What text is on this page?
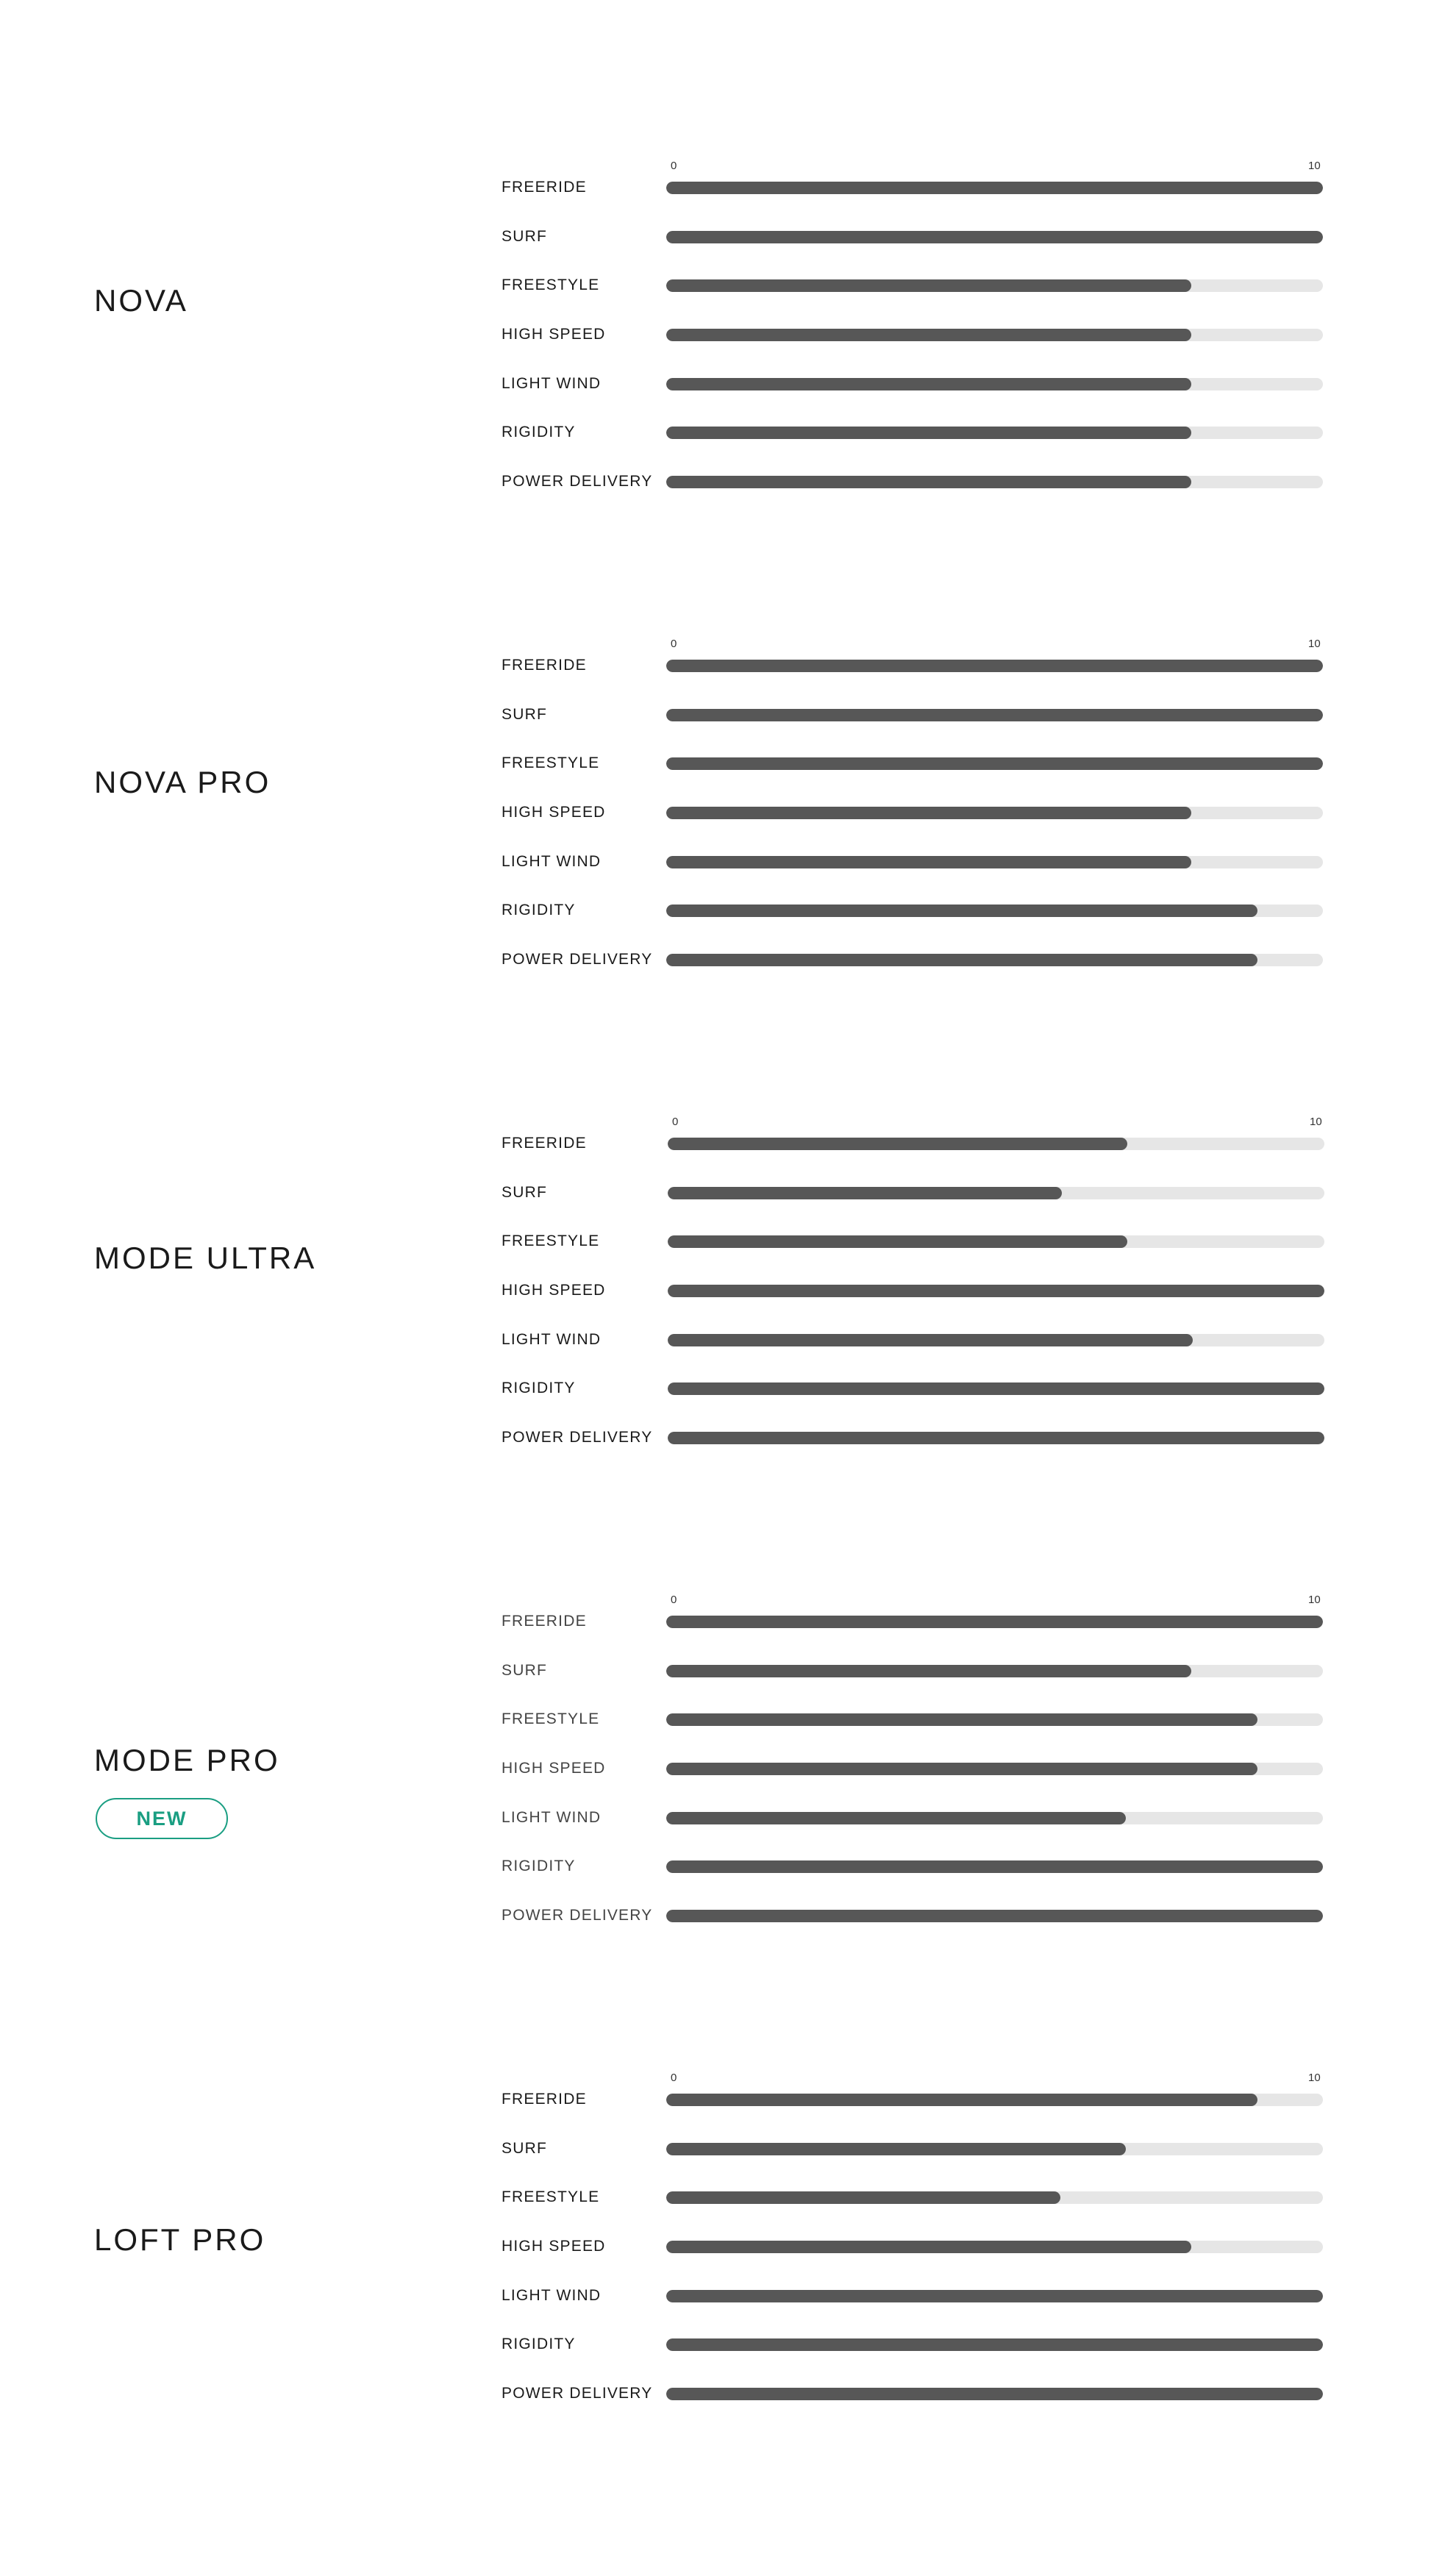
NOVA
0	10
FREERIDE
SURF
FREESTYLE
HIGH SPEED
LIGHT WIND
RIGIDITY
POWER DELIVERY
NOVA PRO
0	10
FREERIDE
SURF
FREESTYLE
HIGH SPEED
LIGHT WIND
RIGIDITY
POWER DELIVERY
MODE ULTRA
0	10
FREERIDE
SURF
FREESTYLE
HIGH SPEED
LIGHT WIND
RIGIDITY
POWER DELIVERY
MODE PRO
NEW
0	10
FREERIDE
SURF
FREESTYLE
HIGH SPEED
LIGHT WIND
RIGIDITY
POWER DELIVERY
LOFT PRO
0	10
FREERIDE
SURF
FREESTYLE
HIGH SPEED
LIGHT WIND
RIGIDITY
POWER DELIVERY
